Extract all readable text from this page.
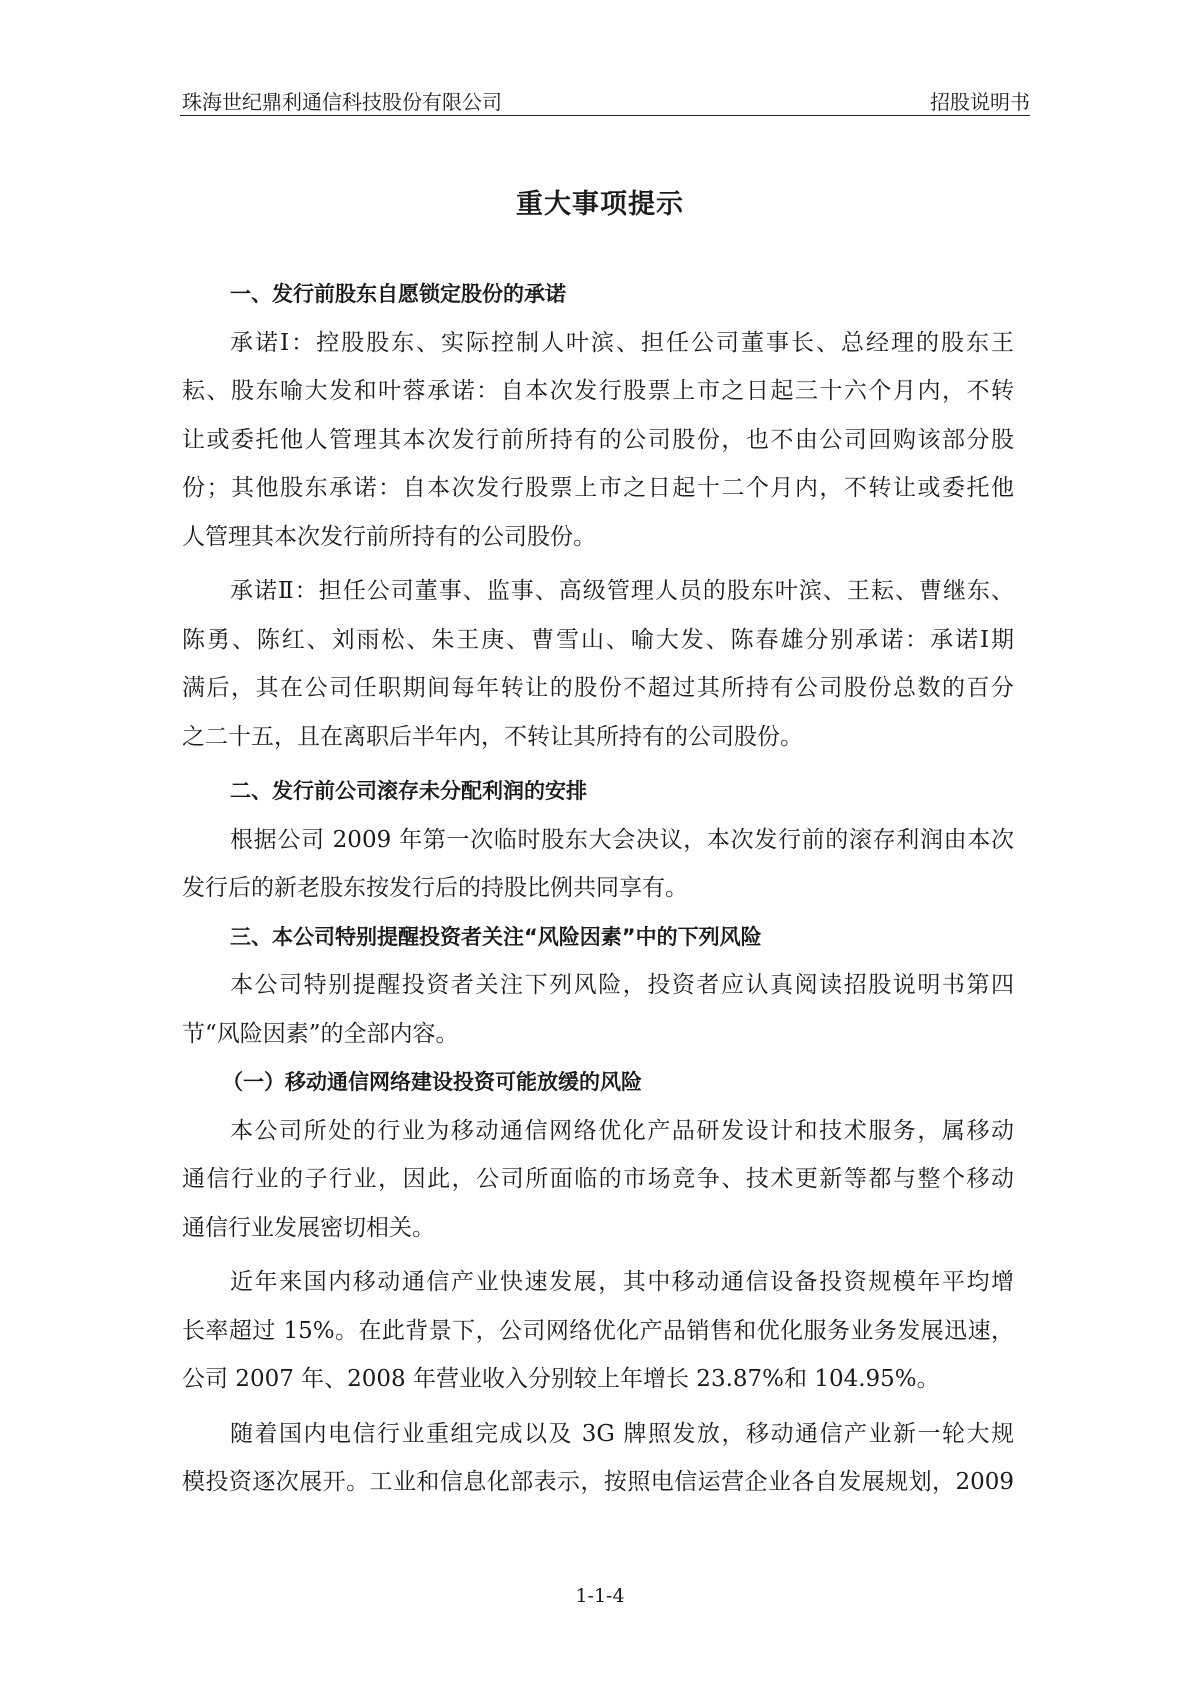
珠海世纪鼎利通信科技股份有限公司	招股说明书
重大事项提示
一、发行前股东自愿锁定股份的承诺
承诺Ⅰ：控股股东、实际控制人叶滨、担任公司董事长、总经理的股东王
耘、股东喻大发和叶蓉承诺：自本次发行股票上市之日起三十六个月内，不转
让或委托他人管理其本次发行前所持有的公司股份，也不由公司回购该部分股
份；其他股东承诺：自本次发行股票上市之日起十二个月内，不转让或委托他
人管理其本次发行前所持有的公司股份。
承诺Ⅱ：担任公司董事、监事、高级管理人员的股东叶滨、王耘、曹继东、
陈勇、陈红、刘雨松、朱王庚、曹雪山、喻大发、陈春雄分别承诺：承诺Ⅰ期
满后，其在公司任职期间每年转让的股份不超过其所持有公司股份总数的百分
之二十五，且在离职后半年内，不转让其所持有的公司股份。
二、发行前公司滚存未分配利润的安排
根据公司 2009 年第一次临时股东大会决议，本次发行前的滚存利润由本次
发行后的新老股东按发行后的持股比例共同享有。
三、本公司特别提醒投资者关注“风险因素”中的下列风险
本公司特别提醒投资者关注下列风险，投资者应认真阅读招股说明书第四
节“风险因素”的全部内容。
（一）移动通信网络建设投资可能放缓的风险
本公司所处的行业为移动通信网络优化产品研发设计和技术服务，属移动
通信行业的子行业，因此，公司所面临的市场竞争、技术更新等都与整个移动
通信行业发展密切相关。
近年来国内移动通信产业快速发展，其中移动通信设备投资规模年平均增
长率超过 15%。在此背景下，公司网络优化产品销售和优化服务业务发展迅速，
公司 2007 年、2008 年营业收入分别较上年增长 23.87%和 104.95%。
随着国内电信行业重组完成以及 3G 牌照发放，移动通信产业新一轮大规
模投资逐次展开。工业和信息化部表示，按照电信运营企业各自发展规划，2009
1-1-4
